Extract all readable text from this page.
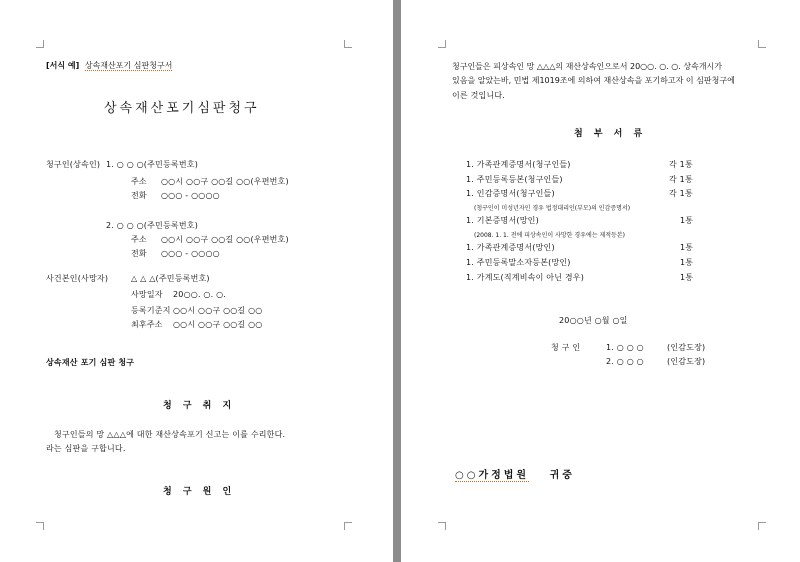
[서식 예] 상속재산포기 심판청구서
상속재산포기심판청구
청구인(상속인) 1. ○ ○ ○(주민등록번호)
주소 ○○시 ○○구 ○○길 ○○(우편번호)
전화 ○○○ - ○○○○
2. ○ ○ ○(주민등록번호)
주소 ○○시 ○○구 ○○길 ○○(우편번호)
전화 ○○○ - ○○○○
사건본인(사망자)	△ △ △(주민등록번호)
사망일자 20○○. ○. ○.
등록기준지 ○○시 ○○구 ○○길 ○○
최후주소 ○○시 ○○구 ○○길 ○○
상속재산 포기 심판 청구
청 구 취 지
청구인들의 망 △△△에 대한 재산상속포기 신고는 이를 수리한다.
라는 심판을 구합니다.
청 구 원 인
청구인들은 피상속인 망 △△△의 재산상속인으로서 20○○. ○. ○. 상속개시가
있음을 알았는바, 민법 제1019조에 의하여 재산상속을 포기하고자 이 심판청구에
이른 것입니다.
첨 부 서 류
1. 가족관계증명서(청구인들)	각 1통
1. 주민등록등본(청구인들)	각 1통
1. 인감증명서(청구인들)	각 1통
(청구인이 미성년자인 경우 법정대리인(부모)의 인감증명서)
1. 기본증명서(망인)	1통
(2008. 1. 1. 전에 피상속인이 사망한 경우에는 제적등본)
1. 가족관계증명서(망인)	1통
1. 주민등록말소자등본(망인)	1통
1. 가계도(직계비속이 아닌 경우)	1통
20○○년 ○월 ○일
청 구 인	1. ○ ○ ○	(인감도장)
2. ○ ○ ○	(인감도장)
○○가정법원 귀중
